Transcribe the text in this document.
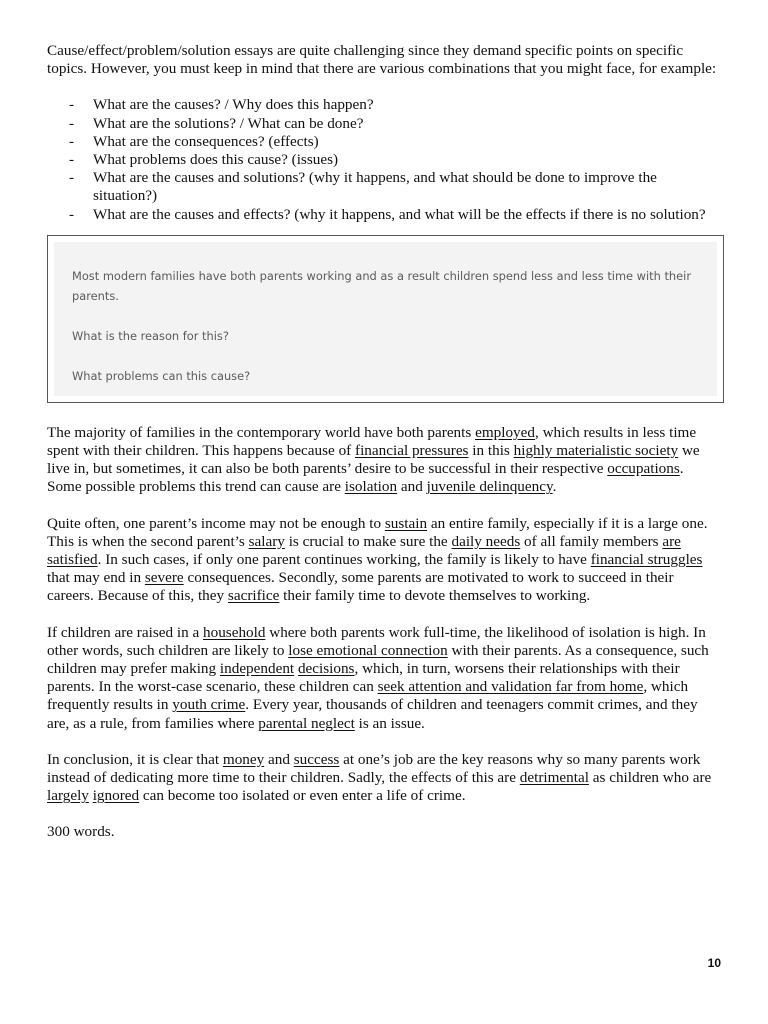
Cause/effect/problem/solution essays are quite challenging since they demand specific points on specific topics. However, you must keep in mind that there are various combinations that you might face, for example:

- What are the causes? / Why does this happen?
- What are the solutions? / What can be done?
- What are the consequences? (effects)
- What problems does this cause? (issues)
- What are the causes and solutions? (why it happens, and what should be done to improve the situation?)
- What are the causes and effects? (why it happens, and what will be the effects if there is no solution?
Most modern families have both parents working and as a result children spend less and less time with their parents.
What is the reason for this?
What problems can this cause?

The majority of families in the contemporary world have both parents employed, which results in less time spent with their children. This happens because of financial pressures in this highly materialistic society we live in, but sometimes, it can also be both parents’ desire to be successful in their respective occupations. Some possible problems this trend can cause are isolation and juvenile delinquency.

Quite often, one parent’s income may not be enough to sustain an entire family, especially if it is a large one. This is when the second parent’s salary is crucial to make sure the daily needs of all family members are satisfied. In such cases, if only one parent continues working, the family is likely to have financial struggles that may end in severe consequences. Secondly, some parents are motivated to work to succeed in their careers. Because of this, they sacrifice their family time to devote themselves to working.

If children are raised in a household where both parents work full-time, the likelihood of isolation is high. In other words, such children are likely to lose emotional connection with their parents. As a consequence, such children may prefer making independent decisions, which, in turn, worsens their relationships with their parents. In the worst-case scenario, these children can seek attention and validation far from home, which frequently results in youth crime. Every year, thousands of children and teenagers commit crimes, and they are, as a rule, from families where parental neglect is an issue.

In conclusion, it is clear that money and success at one’s job are the key reasons why so many parents work instead of dedicating more time to their children. Sadly, the effects of this are detrimental as children who are largely ignored can become too isolated or even enter a life of crime.

300 words.

10
